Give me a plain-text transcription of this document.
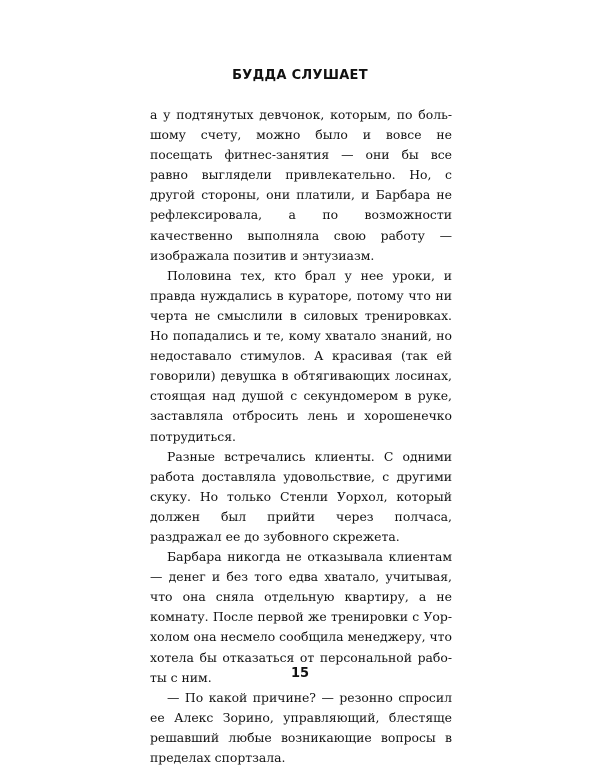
БУДДА СЛУШАЕТ

а у подтянутых девчонок, которым, по большому счету, можно было и вовсе не посещать фитнес-занятия — они бы все равно выглядели привлекательно. Но, с другой стороны, они платили, и Барбара не рефлексировала, а по возможности качественно выполняла свою работу — изображала позитив и энтузиазм.

Половина тех, кто брал у нее уроки, и правда нуждались в кураторе, потому что ни черта не смыслили в силовых тренировках. Но попадались и те, кому хватало знаний, но недоставало стимулов. А красивая (так ей говорили) девушка в обтягивающих лосинах, стоящая над душой с секундомером в руке, заставляла отбросить лень и хорошенечко потрудиться.

Разные встречались клиенты. С одними работа доставляла удовольствие, с другими скуку. Но только Стенли Уорхол, который должен был прийти через полчаса, раздражал ее до зубовного скрежета.

Барбара никогда не отказывала клиентам — денег и без того едва хватало, учитывая, что она сняла отдельную квартиру, а не комнату. После первой же тренировки с Уорхолом она несмело сообщила менеджеру, что хотела бы отказаться от персональной работы с ним.

— По какой причине? — резонно спросил ее Алекс Зорино, управляющий, блестяще решавший любые возникающие вопросы в пределах спортзала.

15
